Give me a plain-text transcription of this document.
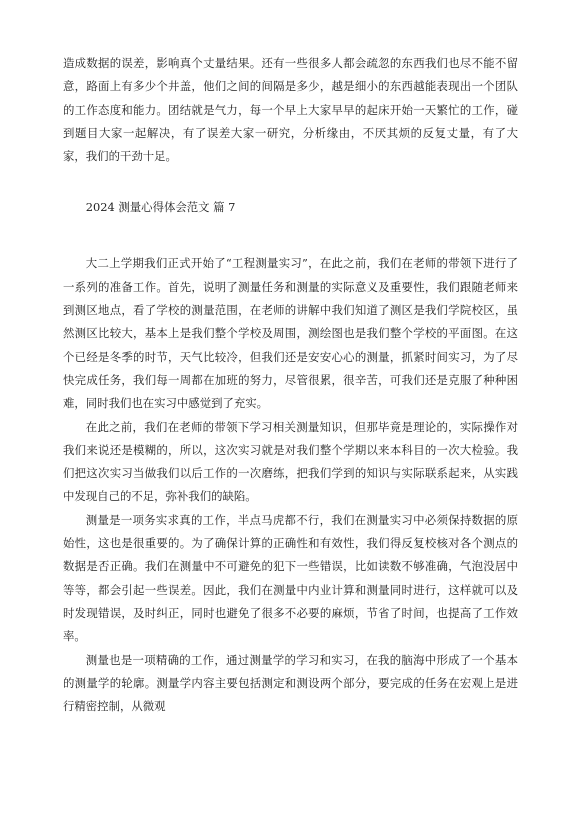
造成数据的误差，影响真个丈量结果。还有一些很多人都会疏忽的东西我们也尽不能不留意，路面上有多少个井盖，他们之间的间隔是多少，越是细小的东西越能表现出一个团队的工作态度和能力。团结就是气力，每一个早上大家早早的起床开始一天繁忙的工作，碰到题目大家一起解决，有了误差大家一研究，分析缘由，不厌其烦的反复丈量，有了大家，我们的干劲十足。

2024 测量心得体会范文 篇 7

大二上学期我们正式开始了“工程测量实习”，在此之前，我们在老师的带领下进行了一系列的准备工作。首先，说明了测量任务和测量的实际意义及重要性，我们跟随老师来到测区地点，看了学校的测量范围，在老师的讲解中我们知道了测区是我们学院校区，虽然测区比较大，基本上是我们整个学校及周围，测绘图也是我们整个学校的平面图。在这个已经是冬季的时节，天气比较冷，但我们还是安安心心的测量，抓紧时间实习，为了尽快完成任务，我们每一周都在加班的努力，尽管很累，很辛苦，可我们还是克服了种种困难，同时我们也在实习中感觉到了充实。

在此之前，我们在老师的带领下学习相关测量知识，但那毕竟是理论的，实际操作对我们来说还是模糊的，所以，这次实习就是对我们整个学期以来本科目的一次大检验。我们把这次实习当做我们以后工作的一次磨练，把我们学到的知识与实际联系起来，从实践中发现自己的不足，弥补我们的缺陷。

测量是一项务实求真的工作，半点马虎都不行，我们在测量实习中必须保持数据的原始性，这也是很重要的。为了确保计算的正确性和有效性，我们得反复校核对各个测点的数据是否正确。我们在测量中不可避免的犯下一些错误，比如读数不够准确，气泡没居中等等，都会引起一些误差。因此，我们在测量中内业计算和测量同时进行，这样就可以及时发现错误，及时纠正，同时也避免了很多不必要的麻烦，节省了时间，也提高了工作效率。

测量也是一项精确的工作，通过测量学的学习和实习，在我的脑海中形成了一个基本的测量学的轮廓。测量学内容主要包括测定和测设两个部分，要完成的任务在宏观上是进行精密控制，从微观
